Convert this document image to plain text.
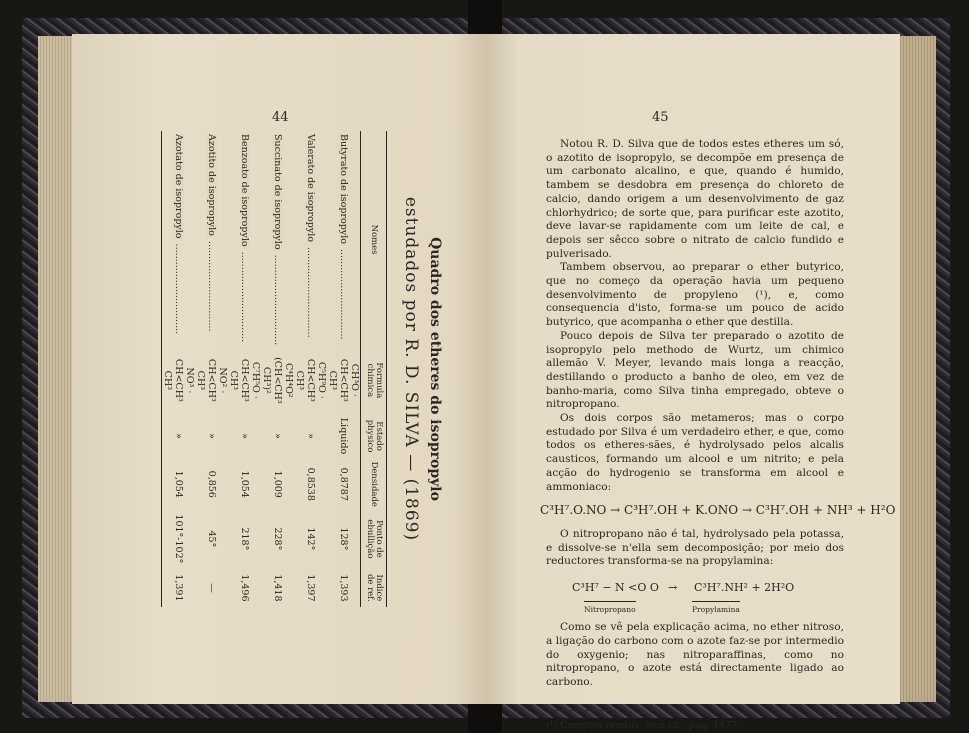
44
Quadro dos etheres do isopropylo
estudados por R. D. SILVA — (1869)
Nomes	Formula chimica	Estado physico	Densidade	Ponto de ebullição	Indice de ref.
Butyrato de isopropylo ..............................	CH³O · CH<CH³ CH³	Liquido	0,8787	128°	1,393
Valerato de isopropylo ..............................	C⁵H⁹O · CH<CH³ CH³	»	0,8538	142°	1,397
Succinato de isopropylo ..............................	C⁴H⁴O² (CH<CH³ CH³)²	»	1,009	228°	1,418
Benzoato de isopropylo ..............................	C⁷H⁵O · CH<CH³ CH³	»	1,054	218°	1,496
Azotito de isopropylo ..............................	NO² · CH<CH³ CH³	»	0,856	45°	—
Azotato de isopropylo ..............................	NO³ · CH<CH³ CH³	»	1,054	101°-102°	1,391
45

Notou R. D. Silva que de todos estes etheres um só, o azotito de isopropylo, se decompõe em presença de um carbonato alcalino, e que, quando é humido, tambem se desdobra em presença do chloreto de calcio, dando origem a um desenvolvimento de gaz chlorhydrico; de sorte que, para purificar este azotito, deve lavar-se rapidamente com um leite de cal, e depois ser sêcco sobre o nitrato de calcio fundido e pulverisado.

Tambem observou, ao preparar o ether butyrico, que no começo da operação havia um pequeno desenvolvimento de propyleno (¹), e, como consequencia d'isto, forma-se um pouco de acido butyrico, que acompanha o ether que destilla.

Pouco depois de Silva ter preparado o azotito de isopropylo pelo methodo de Wurtz, um chimico allemão V. Meyer, levando mais longa a reacção, destillando o producto a banho de oleo, em vez de banho-maria, como Silva tinha empregado, obteve o nitropropano.

Os dois corpos são metameros; mas o corpo estudado por Silva é um verdadeiro ether, e que, como todos os etheres-sães, é hydrolysado pelos alcalis causticos, formando um alcool e um nitrito; e pela acção do hydrogenio se transforma em alcool e ammoniaco:

C³H⁷.O.NO → C³H⁷.OH + K.ONO → C³H⁷.OH + NH³ + H²O

O nitropropano não é tal, hydrolysado pela potassa, e dissolve-se n'ella sem decomposição; por meio dos reductores transforma-se na propylamina:

C³H⁷ − N <O O → C³H⁷.NH² + 2H²O
Nitropropano	Propylamina

Como se vê pela explicação acima, no ether nitroso, a ligação do carbono com o azote faz-se por intermedio do oxygenio; nas nitroparaffinas, como no nitropropano, o azote está directamente ligado ao carbono.

(¹) Comptes rendus, loco cit., pag. 1477.
